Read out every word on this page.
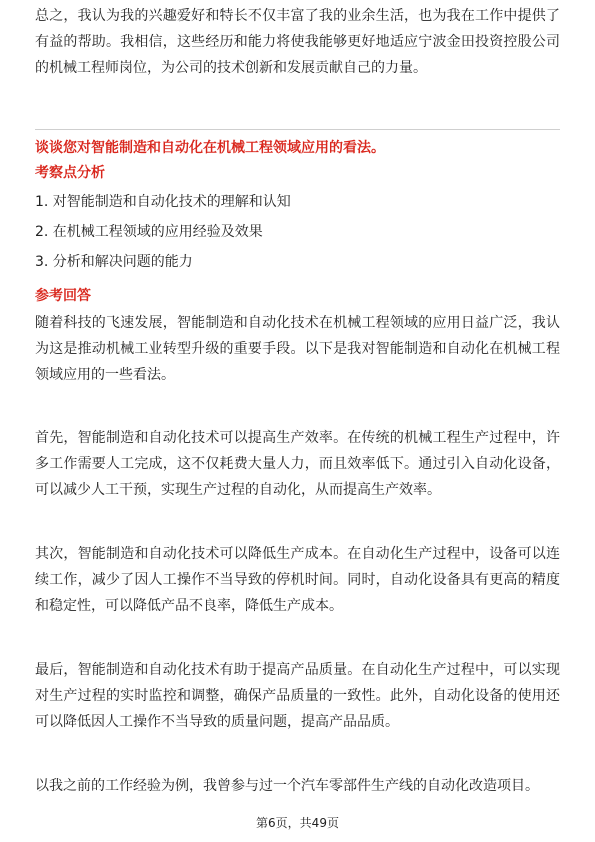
总之，我认为我的兴趣爱好和特长不仅丰富了我的业余生活，也为我在工作中提供了有益的帮助。我相信，这些经历和能力将使我能够更好地适应宁波金田投资控股公司的机械工程师岗位，为公司的技术创新和发展贡献自己的力量。

谈谈您对智能制造和自动化在机械工程领域应用的看法。
考察点分析
1. 对智能制造和自动化技术的理解和认知
2. 在机械工程领域的应用经验及效果
3. 分析和解决问题的能力
参考回答

随着科技的飞速发展，智能制造和自动化技术在机械工程领域的应用日益广泛，我认为这是推动机械工业转型升级的重要手段。以下是我对智能制造和自动化在机械工程领域应用的一些看法。

首先，智能制造和自动化技术可以提高生产效率。在传统的机械工程生产过程中，许多工作需要人工完成，这不仅耗费大量人力，而且效率低下。通过引入自动化设备，可以减少人工干预，实现生产过程的自动化，从而提高生产效率。

其次，智能制造和自动化技术可以降低生产成本。在自动化生产过程中，设备可以连续工作，减少了因人工操作不当导致的停机时间。同时，自动化设备具有更高的精度和稳定性，可以降低产品不良率，降低生产成本。

最后，智能制造和自动化技术有助于提高产品质量。在自动化生产过程中，可以实现对生产过程的实时监控和调整，确保产品质量的一致性。此外，自动化设备的使用还可以降低因人工操作不当导致的质量问题，提高产品品质。

以我之前的工作经验为例，我曾参与过一个汽车零部件生产线的自动化改造项目。

第6页，共49页
